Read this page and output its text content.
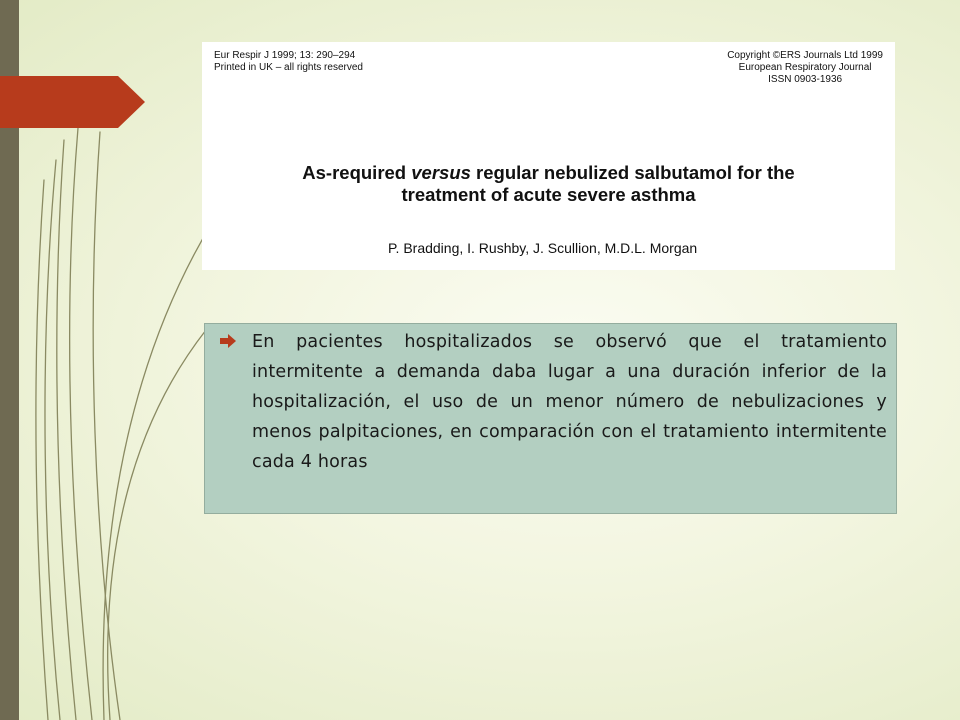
Eur Respir J 1999; 13: 290–294
Printed in UK – all rights reserved
Copyright ©ERS Journals Ltd 1999
European Respiratory Journal
ISSN 0903-1936
As-required versus regular nebulized salbutamol for the
treatment of acute severe asthma
P. Bradding, I. Rushby, J. Scullion, M.D.L. Morgan

En pacientes hospitalizados se observó que el tratamiento intermitente a demanda daba lugar a una duración inferior de la hospitalización, el uso de un menor número de nebulizaciones y menos palpitaciones, en comparación con el tratamiento intermitente cada 4 horas
